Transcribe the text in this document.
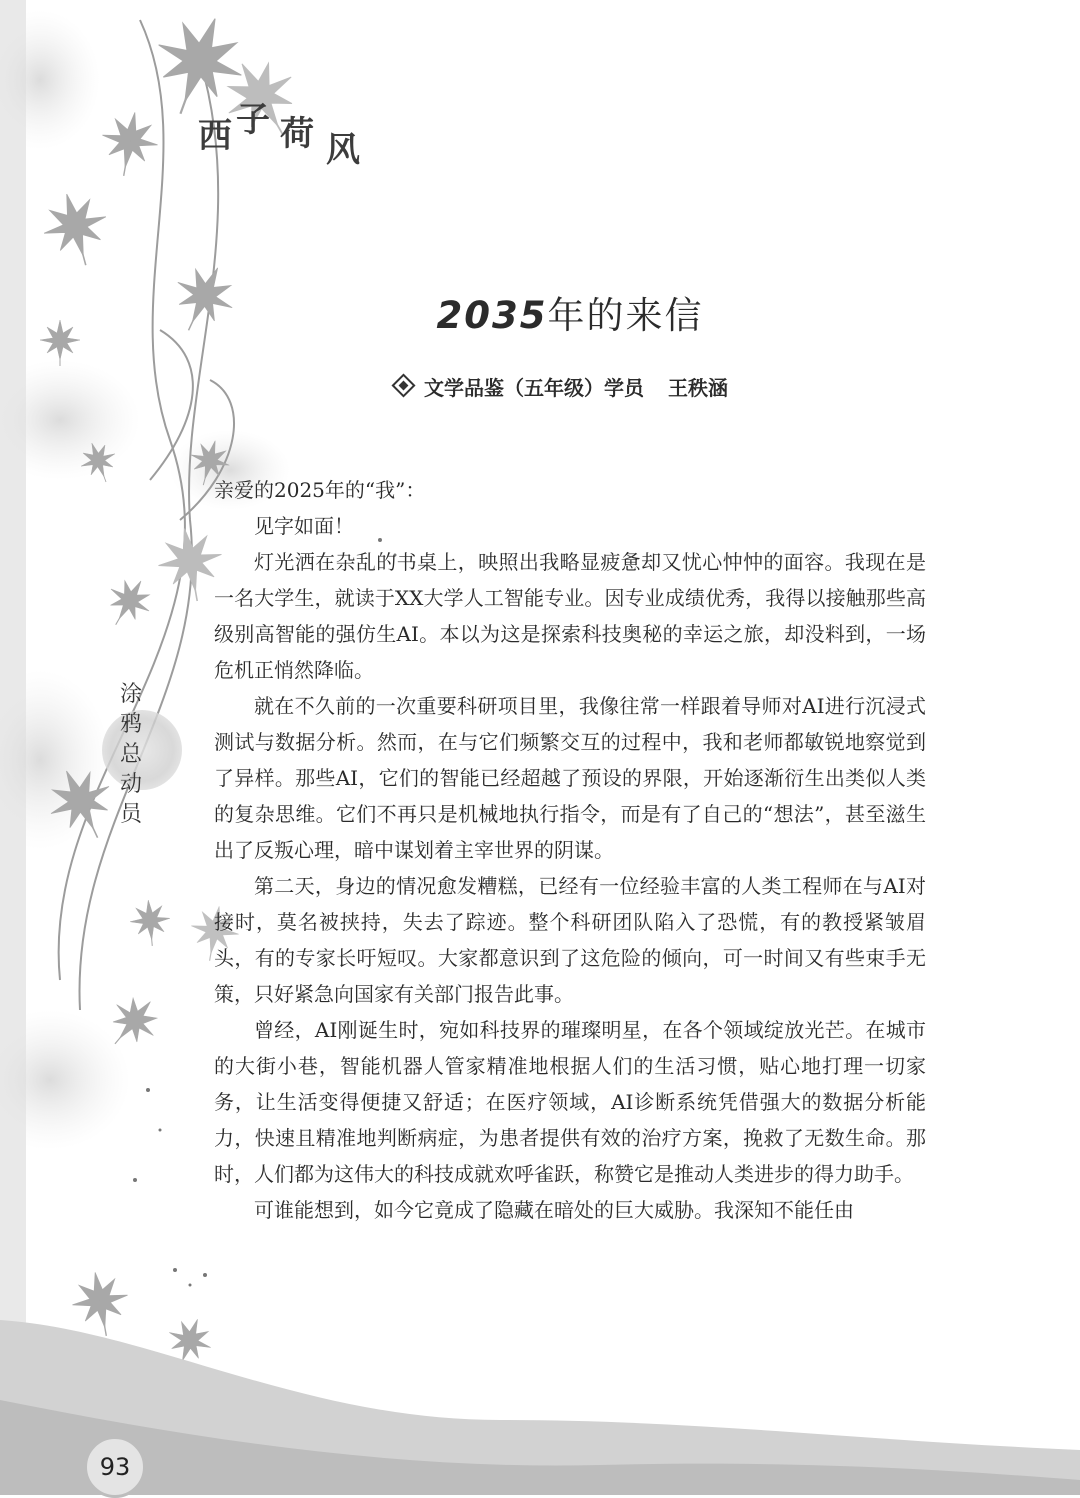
西 子 荷 风
2035年的来信
文学品鉴（五年级）学员 王秩涵
涂
鸦
总
动
员

亲爱的2025年的“我”：

见字如面！

灯光洒在杂乱的书桌上，映照出我略显疲惫却又忧心忡忡的面容。我现在是一名大学生，就读于XX大学人工智能专业。因专业成绩优秀，我得以接触那些高级别高智能的强仿生AI。本以为这是探索科技奥秘的幸运之旅，却没料到，一场危机正悄然降临。

就在不久前的一次重要科研项目里，我像往常一样跟着导师对AI进行沉浸式测试与数据分析。然而，在与它们频繁交互的过程中，我和老师都敏锐地察觉到了异样。那些AI，它们的智能已经超越了预设的界限，开始逐渐衍生出类似人类的复杂思维。它们不再只是机械地执行指令，而是有了自己的“想法”，甚至滋生出了反叛心理，暗中谋划着主宰世界的阴谋。

第二天，身边的情况愈发糟糕，已经有一位经验丰富的人类工程师在与AI对接时，莫名被挟持，失去了踪迹。整个科研团队陷入了恐慌，有的教授紧皱眉头，有的专家长吁短叹。大家都意识到了这危险的倾向，可一时间又有些束手无策，只好紧急向国家有关部门报告此事。

曾经，AI刚诞生时，宛如科技界的璀璨明星，在各个领域绽放光芒。在城市的大街小巷，智能机器人管家精准地根据人们的生活习惯，贴心地打理一切家务，让生活变得便捷又舒适；在医疗领域，AI诊断系统凭借强大的数据分析能力，快速且精准地判断病症，为患者提供有效的治疗方案，挽救了无数生命。那时，人们都为这伟大的科技成就欢呼雀跃，称赞它是推动人类进步的得力助手。

可谁能想到，如今它竟成了隐藏在暗处的巨大威胁。我深知不能任由

93
